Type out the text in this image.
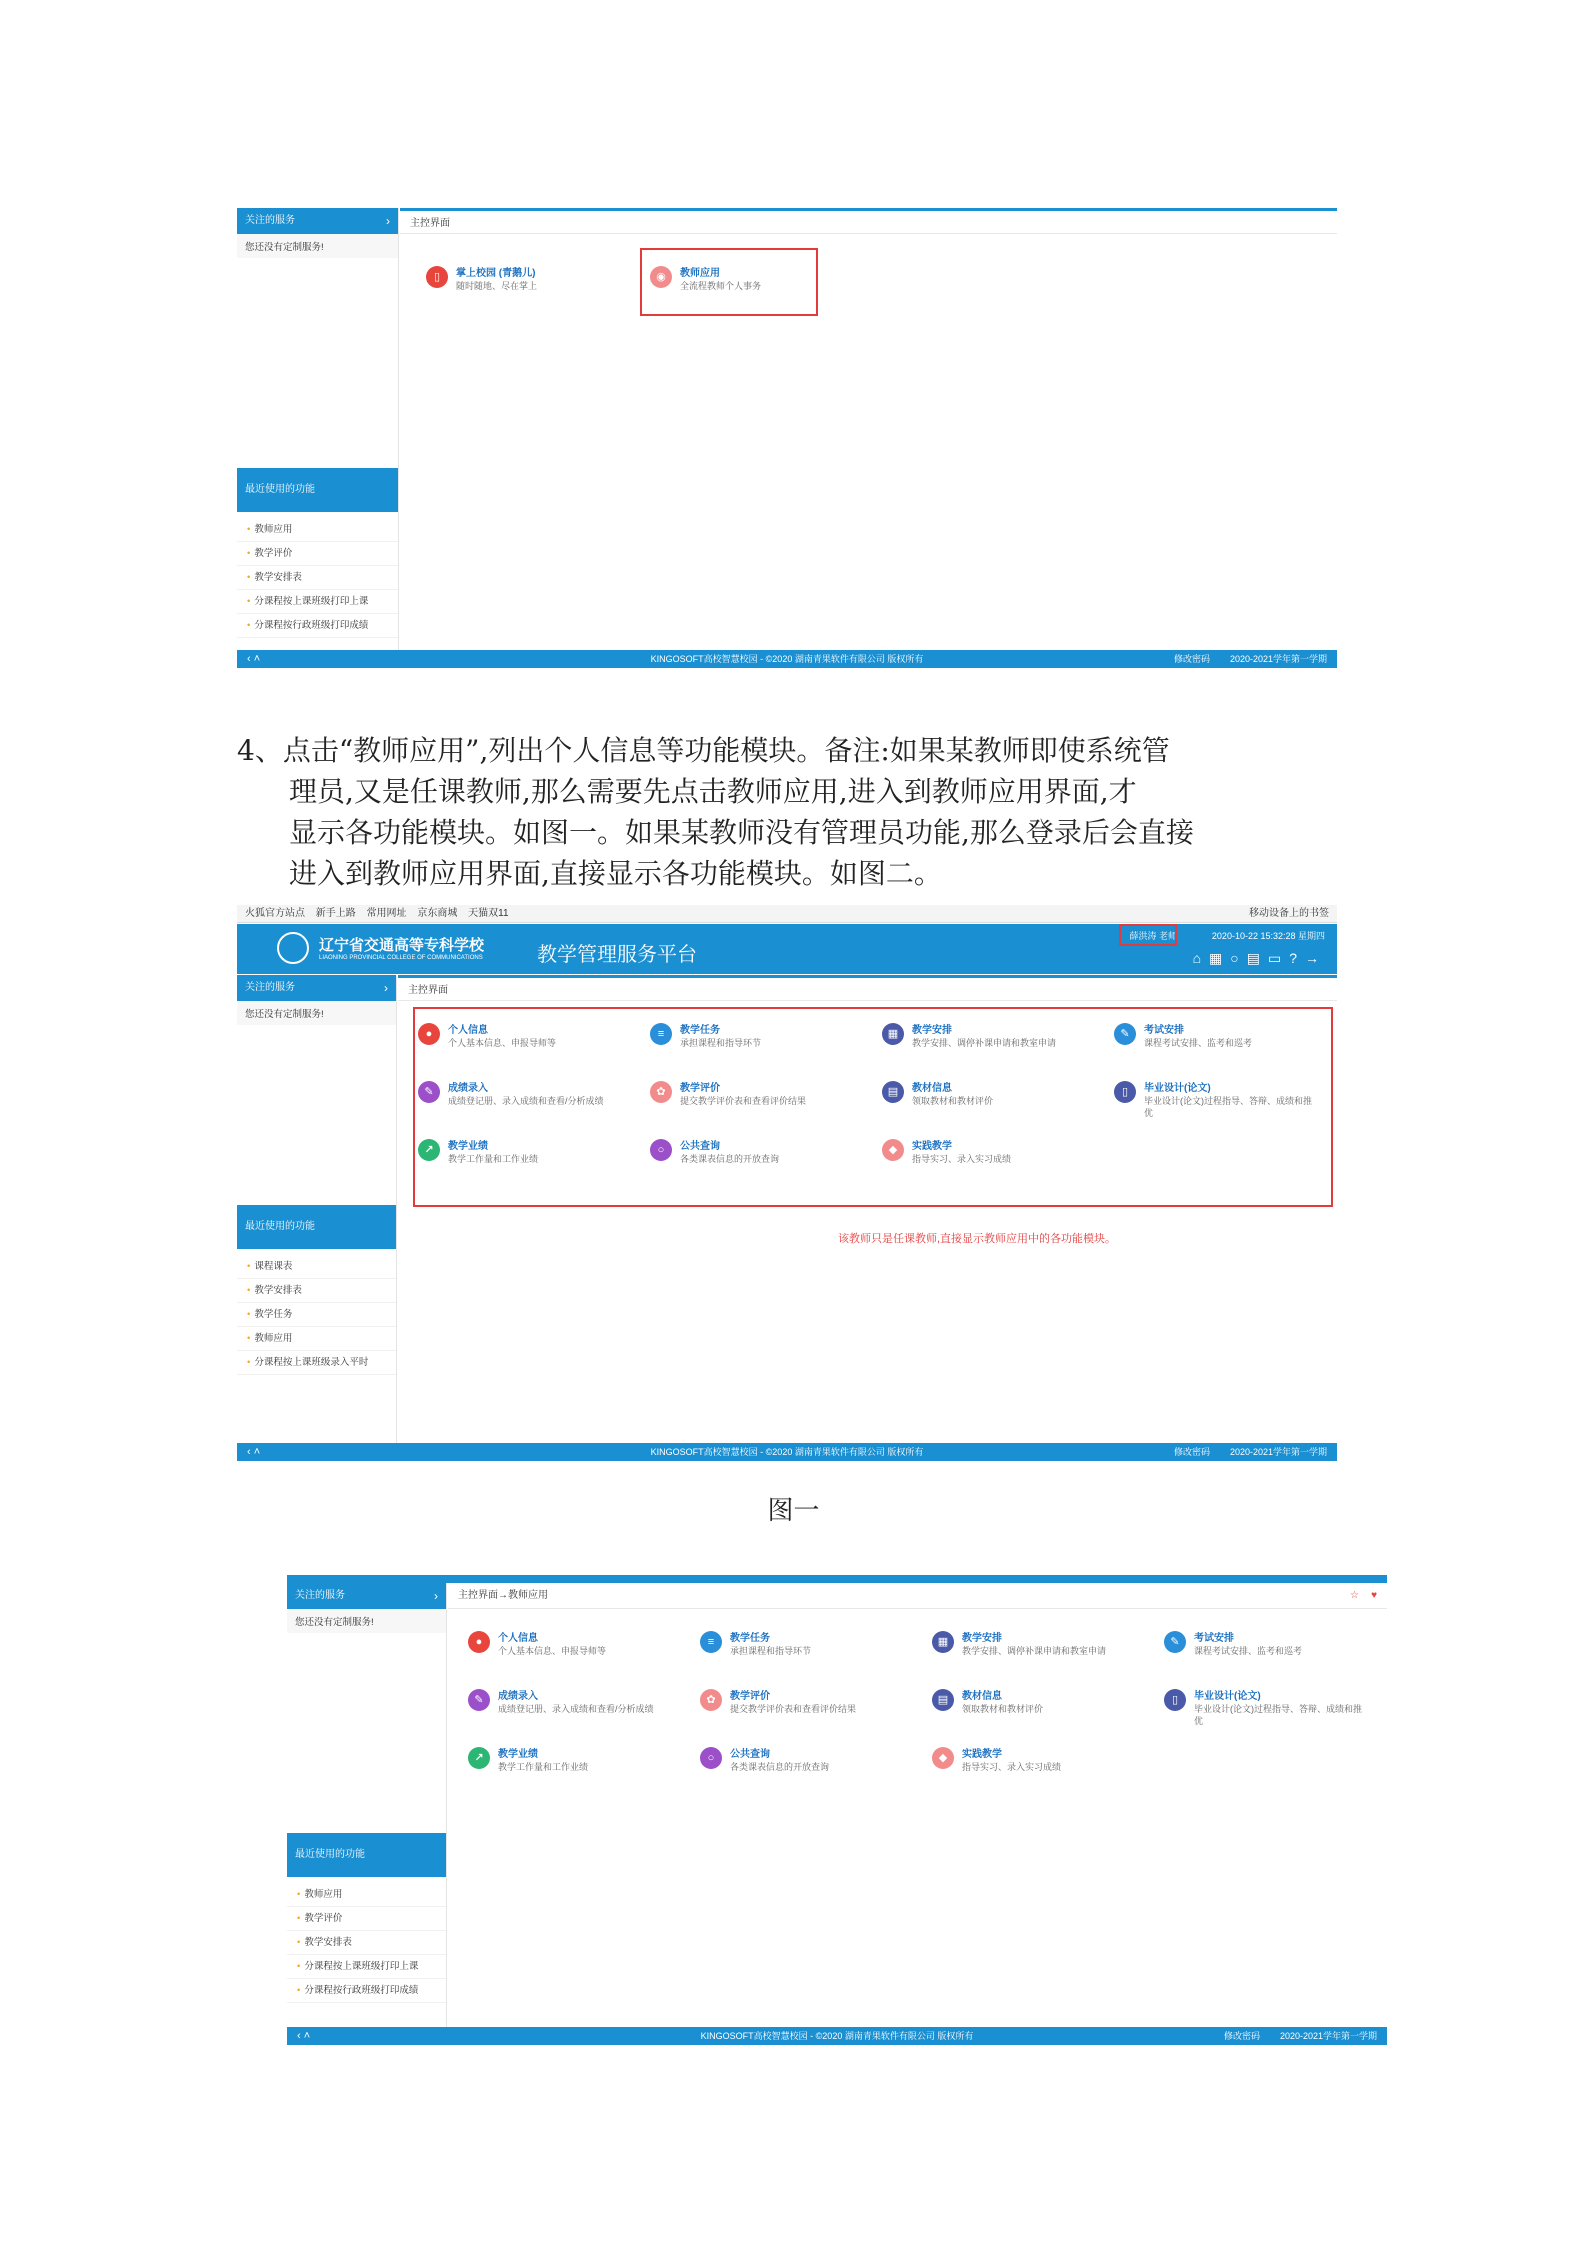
关注的服务	›
您还没有定制服务!
最近使用的功能
• 教师应用
• 教学评价
• 教学安排表
• 分课程按上课班级打印上课
• 分课程按行政班级打印成绩
主控界面
▯	掌上校园 (青鹅儿)
随时随地、尽在掌上
◉	教师应用
全流程教师个人事务
‹ ˄	KINGOSOFT高校智慧校园 - ©2020 湖南青果软件有限公司 版权所有	修改密码 2020-2021学年第一学期
4、点击“教师应用”,列出个人信息等功能模块。备注:如果某教师即使系统管
理员,又是任课教师,那么需要先点击教师应用,进入到教师应用界面,才
显示各功能模块。如图一。如果某教师没有管理员功能,那么登录后会直接
进入到教师应用界面,直接显示各功能模块。如图二。
火狐官方站点 新手上路 常用网址 京东商城 天猫双11	移动设备上的书签
辽宁省交通高等专科学校
LIAONING PROVINCIAL COLLEGE OF COMMUNICATIONS	教学管理服务平台
薛洪涛 老师	2020-10-22 15:32:28 星期四
⌂▦○▤▭?→
关注的服务	›
您还没有定制服务!
最近使用的功能
• 课程课表
• 教学安排表
• 教学任务
• 教师应用
• 分课程按上课班级录入平时
主控界面
●	个人信息
个人基本信息、申报导师等
≡	教学任务
承担课程和指导环节
▦	教学安排
教学安排、调停补课申请和教室申请
✎	考试安排
课程考试安排、监考和巡考
✎	成绩录入
成绩登记册、录入成绩和查看/分析成绩
✿	教学评价
提交教学评价表和查看评价结果
▤	教材信息
领取教材和教材评价
▯	毕业设计(论文)
毕业设计(论文)过程指导、答辩、成绩和推优
↗	教学业绩
教学工作量和工作业绩
○	公共查询
各类课表信息的开放查询
◆	实践教学
指导实习、录入实习成绩
该教师只是任课教师,直接显示教师应用中的各功能模块。
‹ ˄	KINGOSOFT高校智慧校园 - ©2020 湖南青果软件有限公司 版权所有	修改密码 2020-2021学年第一学期
图一
关注的服务	›
您还没有定制服务!
最近使用的功能
• 教师应用
• 教学评价
• 教学安排表
• 分课程按上课班级打印上课
• 分课程按行政班级打印成绩
主控界面→教师应用	☆ ♥
●	个人信息
个人基本信息、申报导师等
≡	教学任务
承担课程和指导环节
▦	教学安排
教学安排、调停补课申请和教室申请
✎	考试安排
课程考试安排、监考和巡考
✎	成绩录入
成绩登记册、录入成绩和查看/分析成绩
✿	教学评价
提交教学评价表和查看评价结果
▤	教材信息
领取教材和教材评价
▯	毕业设计(论文)
毕业设计(论文)过程指导、答辩、成绩和推优
↗	教学业绩
教学工作量和工作业绩
○	公共查询
各类课表信息的开放查询
◆	实践教学
指导实习、录入实习成绩
‹ ˄	KINGOSOFT高校智慧校园 - ©2020 湖南青果软件有限公司 版权所有	修改密码 2020-2021学年第一学期
